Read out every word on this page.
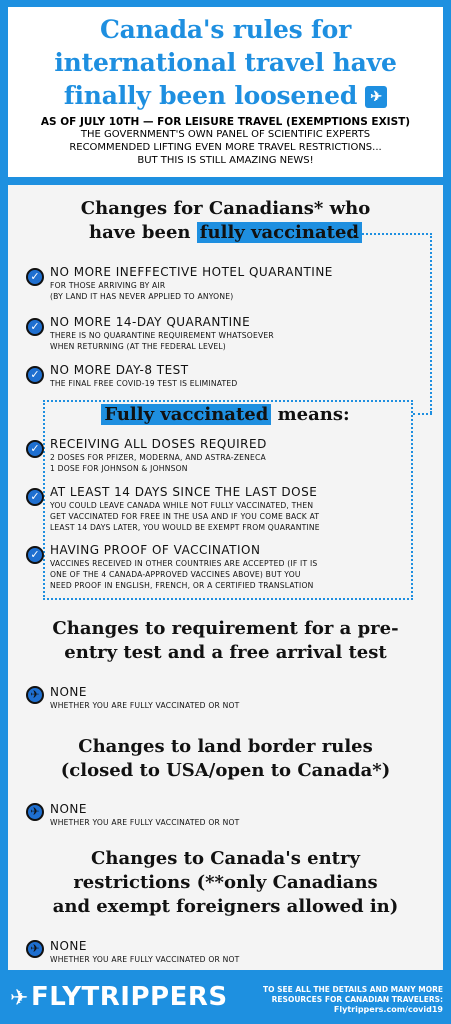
Canada's rules for
international travel have
finally been loosened ✈
AS OF JULY 10TH — FOR LEISURE TRAVEL (EXEMPTIONS EXIST)
THE GOVERNMENT'S OWN PANEL OF SCIENTIFIC EXPERTS
RECOMMENDED LIFTING EVEN MORE TRAVEL RESTRICTIONS...
BUT THIS IS STILL AMAZING NEWS!
Changes for Canadians* who
have been fully vaccinated
✓ NO MORE INEFFECTIVE HOTEL QUARANTINE
FOR THOSE ARRIVING BY AIR
(BY LAND IT HAS NEVER APPLIED TO ANYONE)
✓ NO MORE 14-DAY QUARANTINE
THERE IS NO QUARANTINE REQUIREMENT WHATSOEVER
WHEN RETURNING (AT THE FEDERAL LEVEL)
✓ NO MORE DAY-8 TEST
THE FINAL FREE COVID-19 TEST IS ELIMINATED
Fully vaccinated means:
✓ RECEIVING ALL DOSES REQUIRED
2 DOSES FOR PFIZER, MODERNA, AND ASTRA-ZENECA
1 DOSE FOR JOHNSON & JOHNSON
✓ AT LEAST 14 DAYS SINCE THE LAST DOSE
YOU COULD LEAVE CANADA WHILE NOT FULLY VACCINATED, THEN
GET VACCINATED FOR FREE IN THE USA AND IF YOU COME BACK AT
LEAST 14 DAYS LATER, YOU WOULD BE EXEMPT FROM QUARANTINE
✓ HAVING PROOF OF VACCINATION
VACCINES RECEIVED IN OTHER COUNTRIES ARE ACCEPTED (IF IT IS
ONE OF THE 4 CANADA-APPROVED VACCINES ABOVE) BUT YOU
NEED PROOF IN ENGLISH, FRENCH, OR A CERTIFIED TRANSLATION
Changes to requirement for a pre-
entry test and a free arrival test
✈ NONE
WHETHER YOU ARE FULLY VACCINATED OR NOT
Changes to land border rules
(closed to USA/open to Canada*)
✈ NONE
WHETHER YOU ARE FULLY VACCINATED OR NOT
Changes to Canada's entry
restrictions (**only Canadians
and exempt foreigners allowed in)
✈ NONE
WHETHER YOU ARE FULLY VACCINATED OR NOT
✈FLYTRIPPERS	TO SEE ALL THE DETAILS AND MANY MORE
RESOURCES FOR CANADIAN TRAVELERS:
Flytrippers.com/covid19
